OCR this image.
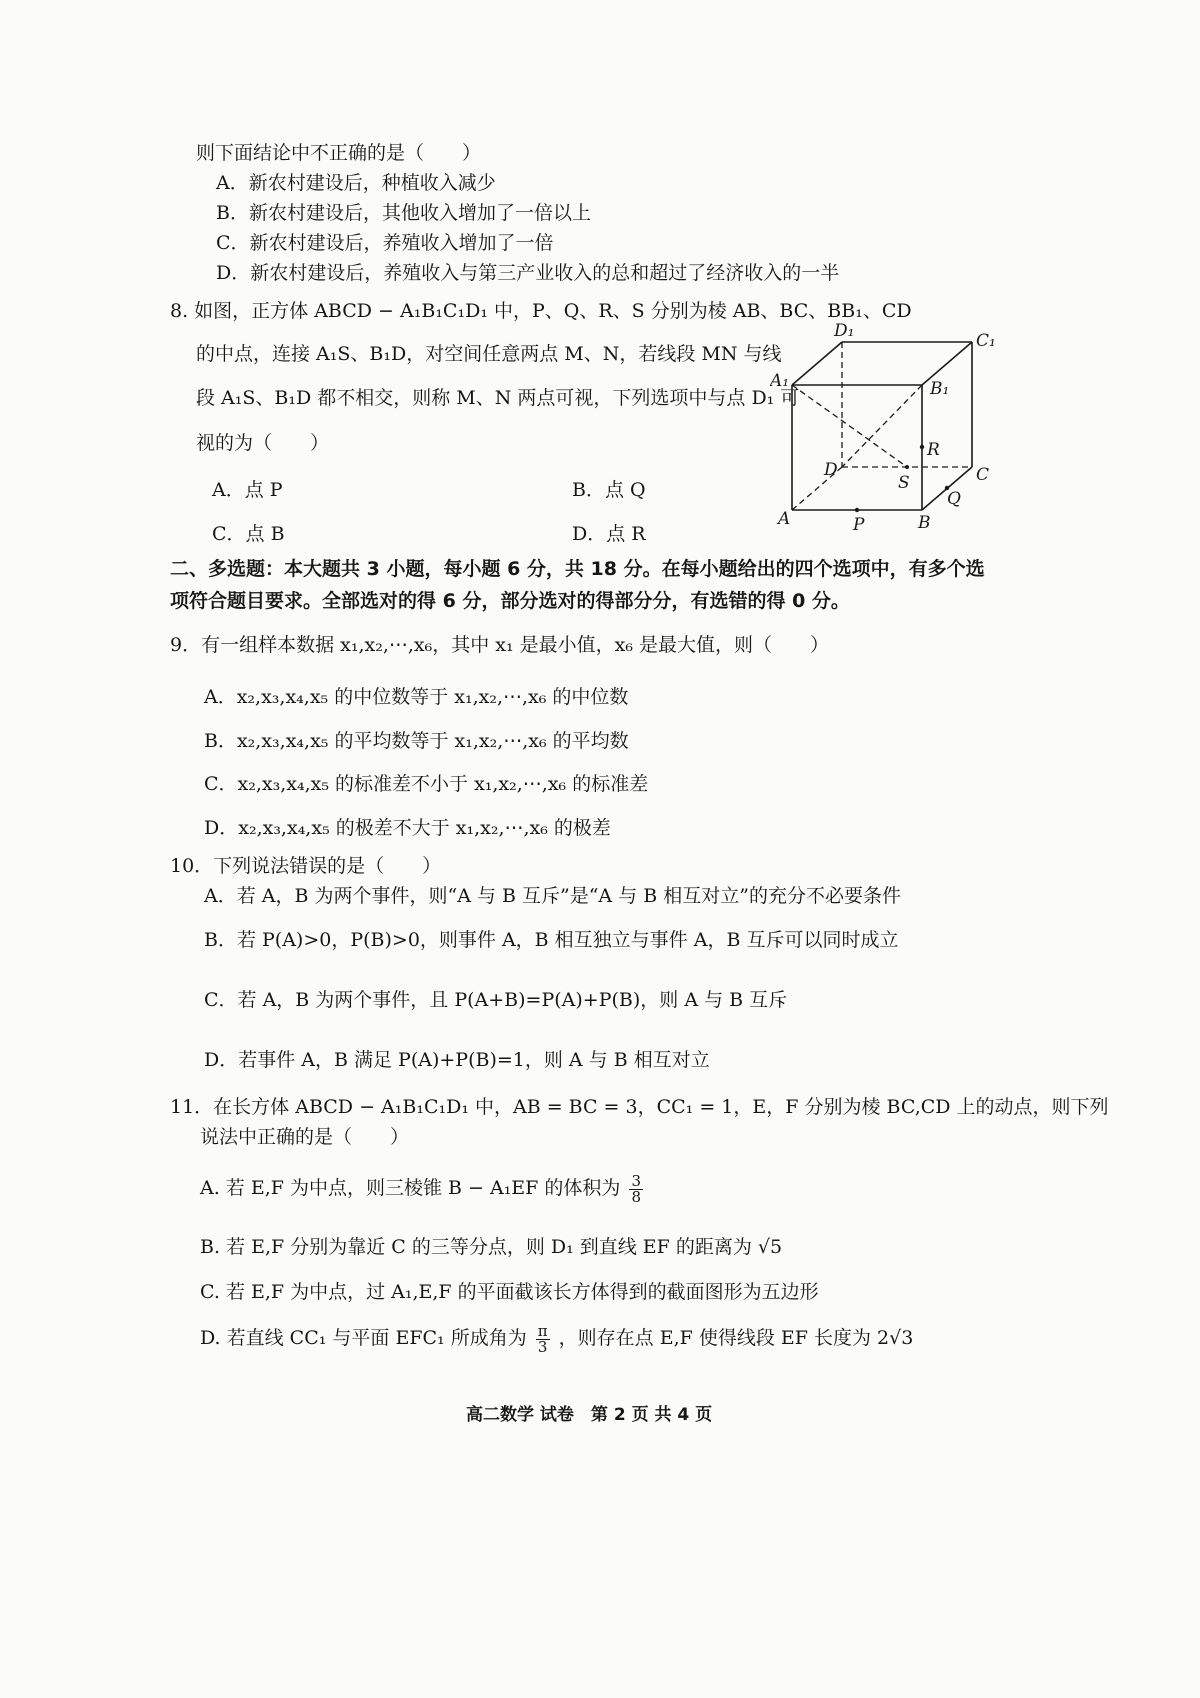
则下面结论中不正确的是（　　）
A．新农村建设后，种植收入减少
B．新农村建设后，其他收入增加了一倍以上
C．新农村建设后，养殖收入增加了一倍
D．新农村建设后，养殖收入与第三产业收入的总和超过了经济收入的一半
8. 如图，正方体 ABCD − A₁B₁C₁D₁ 中，P、Q、R、S 分别为棱 AB、BC、BB₁、CD
的中点，连接 A₁S、B₁D，对空间任意两点 M、N，若线段 MN 与线
段 A₁S、B₁D 都不相交，则称 M、N 两点可视，下列选项中与点 D₁ 可
视的为（　　）
A．点 P	B．点 Q
C．点 B	D．点 R
D₁	C₁
A₁	B₁
R
D
S	C
Q
A	P	B
二、多选题：本大题共 3 小题，每小题 6 分，共 18 分。在每小题给出的四个选项中，有多个选
项符合题目要求。全部选对的得 6 分，部分选对的得部分分，有选错的得 0 分。
9．有一组样本数据 x₁,x₂,⋯,x₆，其中 x₁ 是最小值，x₆ 是最大值，则（　　）
A．x₂,x₃,x₄,x₅ 的中位数等于 x₁,x₂,⋯,x₆ 的中位数
B．x₂,x₃,x₄,x₅ 的平均数等于 x₁,x₂,⋯,x₆ 的平均数
C．x₂,x₃,x₄,x₅ 的标准差不小于 x₁,x₂,⋯,x₆ 的标准差
D．x₂,x₃,x₄,x₅ 的极差不大于 x₁,x₂,⋯,x₆ 的极差
10．下列说法错误的是（　　）
A．若 A，B 为两个事件，则“A 与 B 互斥”是“A 与 B 相互对立”的充分不必要条件
B．若 P(A)>0，P(B)>0，则事件 A，B 相互独立与事件 A，B 互斥可以同时成立
C．若 A，B 为两个事件，且 P(A+B)=P(A)+P(B)，则 A 与 B 互斥
D．若事件 A，B 满足 P(A)+P(B)=1，则 A 与 B 相互对立
11．在长方体 ABCD − A₁B₁C₁D₁ 中，AB = BC = 3，CC₁ = 1，E，F 分别为棱 BC,CD 上的动点，则下列
说法中正确的是（　　）
A. 若 E,F 为中点，则三棱锥 B − A₁EF 的体积为 $\frac{3}{8}$
B. 若 E,F 分别为靠近 C 的三等分点，则 D₁ 到直线 EF 的距离为 √5
C. 若 E,F 为中点，过 A₁,E,F 的平面截该长方体得到的截面图形为五边形
D. 若直线 CC₁ 与平面 EFC₁ 所成角为 $\frac{\pi}{3}$ ，则存在点 E,F 使得线段 EF 长度为 2√3
高二数学 试卷　第 2 页 共 4 页
